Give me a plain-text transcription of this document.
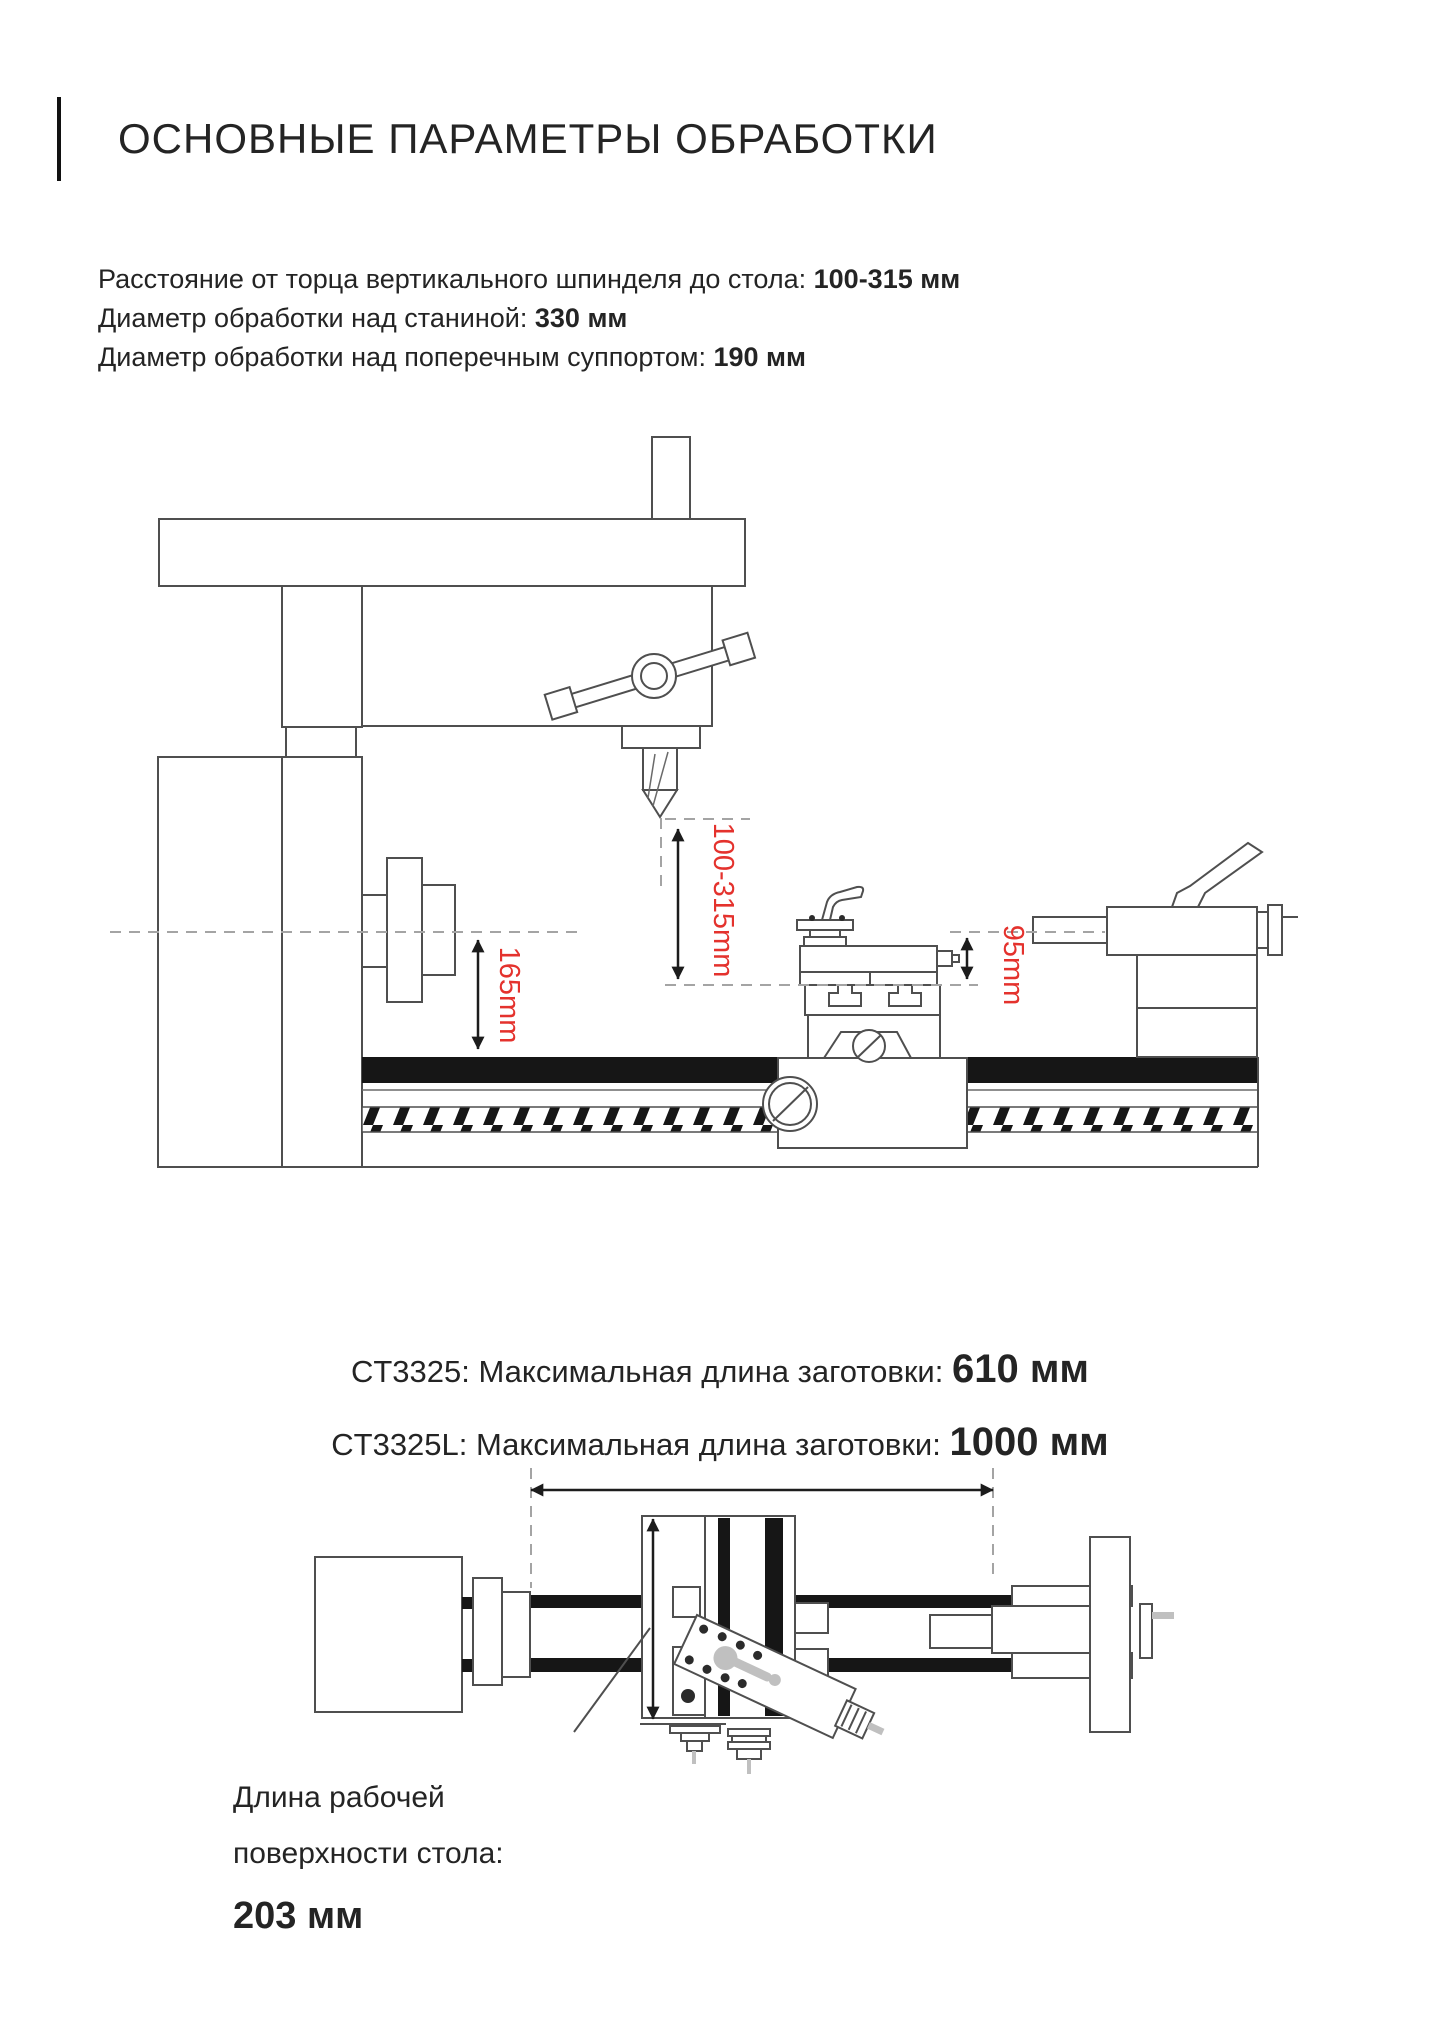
ОСНОВНЫЕ ПАРАМЕТРЫ ОБРАБОТКИ

Расстояние от торца вертикального шпинделя до стола: 100-315 мм

Диаметр обработки над станиной: 330 мм

Диаметр обработки над поперечным суппортом: 190 мм

165mm
100-315mm	95mm

CT3325: Максимальная длина заготовки: 610 мм

CT3325L: Максимальная длина заготовки: 1000 мм

Длина рабочей

поверхности стола:

203 мм
